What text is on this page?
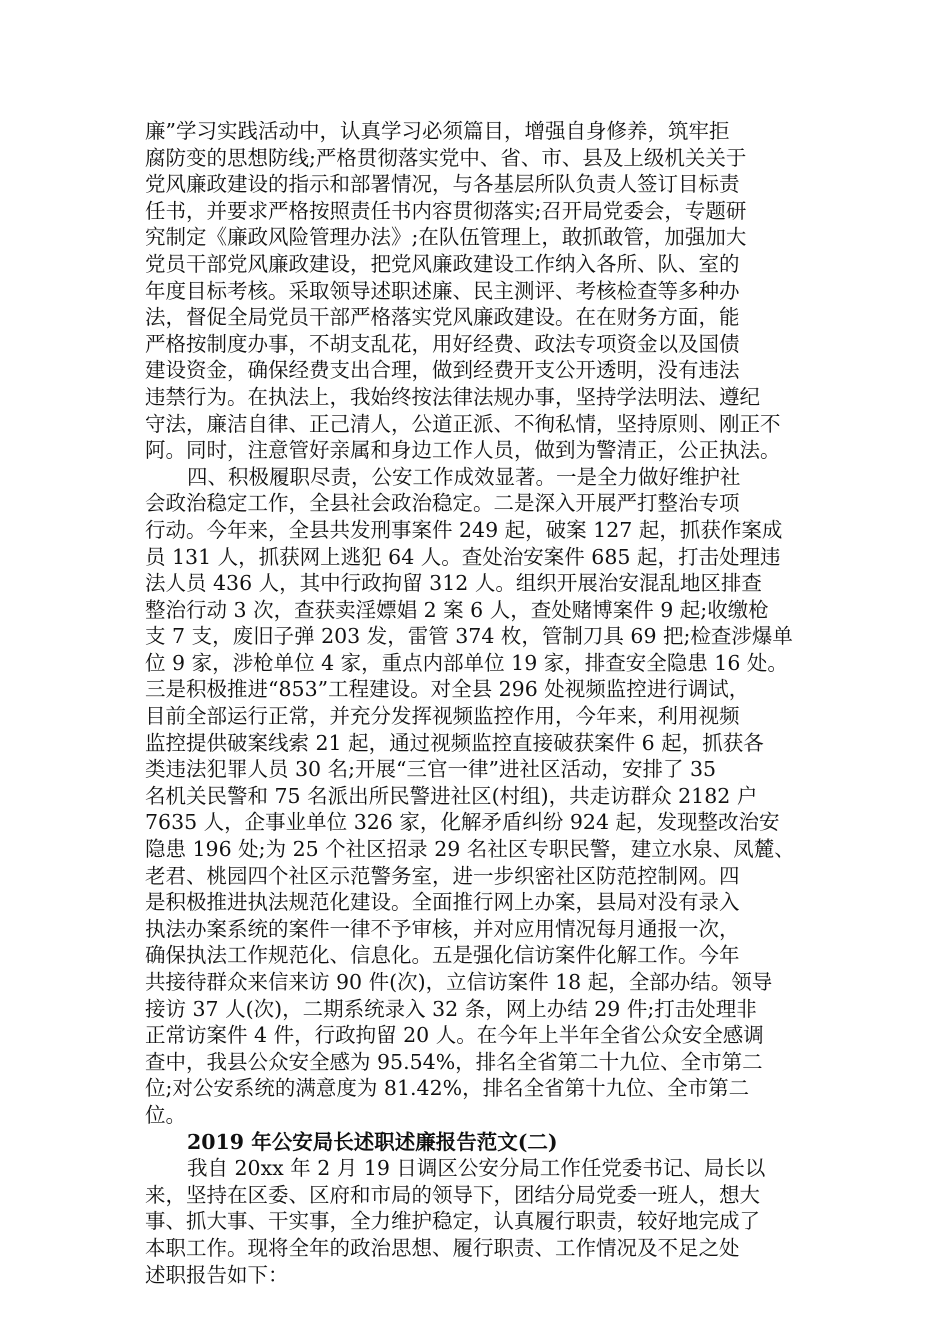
廉”学习实践活动中，认真学习必须篇目，增强自身修养，筑牢拒
腐防变的思想防线;严格贯彻落实党中、省、市、县及上级机关关于
党风廉政建设的指示和部署情况，与各基层所队负责人签订目标责
任书，并要求严格按照责任书内容贯彻落实;召开局党委会，专题研
究制定《廉政风险管理办法》;在队伍管理上，敢抓敢管，加强加大
党员干部党风廉政建设，把党风廉政建设工作纳入各所、队、室的
年度目标考核。采取领导述职述廉、民主测评、考核检查等多种办
法，督促全局党员干部严格落实党风廉政建设。在在财务方面，能
严格按制度办事，不胡支乱花，用好经费、政法专项资金以及国债
建设资金，确保经费支出合理，做到经费开支公开透明，没有违法
违禁行为。在执法上，我始终按法律法规办事，坚持学法明法、遵纪
守法，廉洁自律、正己清人，公道正派、不徇私情，坚持原则、刚正不
阿。同时，注意管好亲属和身边工作人员，做到为警清正，公正执法。
四、积极履职尽责，公安工作成效显著。一是全力做好维护社
会政治稳定工作，全县社会政治稳定。二是深入开展严打整治专项
行动。今年来，全县共发刑事案件 249 起，破案 127 起，抓获作案成
员 131 人，抓获网上逃犯 64 人。查处治安案件 685 起，打击处理违
法人员 436 人，其中行政拘留 312 人。组织开展治安混乱地区排查
整治行动 3 次，查获卖淫嫖娼 2 案 6 人，查处赌博案件 9 起;收缴枪
支 7 支，废旧子弹 203 发，雷管 374 枚，管制刀具 69 把;检查涉爆单
位 9 家，涉枪单位 4 家，重点内部单位 19 家，排查安全隐患 16 处。
三是积极推进“853”工程建设。对全县 296 处视频监控进行调试，
目前全部运行正常，并充分发挥视频监控作用，今年来，利用视频
监控提供破案线索 21 起，通过视频监控直接破获案件 6 起，抓获各
类违法犯罪人员 30 名;开展“三官一律”进社区活动，安排了 35
名机关民警和 75 名派出所民警进社区(村组)，共走访群众 2182 户
7635 人，企事业单位 326 家，化解矛盾纠纷 924 起，发现整改治安
隐患 196 处;为 25 个社区招录 29 名社区专职民警，建立水泉、凤麓、
老君、桃园四个社区示范警务室，进一步织密社区防范控制网。四
是积极推进执法规范化建设。全面推行网上办案，县局对没有录入
执法办案系统的案件一律不予审核，并对应用情况每月通报一次，
确保执法工作规范化、信息化。五是强化信访案件化解工作。今年
共接待群众来信来访 90 件(次)，立信访案件 18 起，全部办结。领导
接访 37 人(次)，二期系统录入 32 条，网上办结 29 件;打击处理非
正常访案件 4 件，行政拘留 20 人。在今年上半年全省公众安全感调
查中，我县公众安全感为 95.54%，排名全省第二十九位、全市第二
位;对公安系统的满意度为 81.42%，排名全省第十九位、全市第二
位。
2019 年公安局长述职述廉报告范文(二)
我自 20xx 年 2 月 19 日调区公安分局工作任党委书记、局长以
来，坚持在区委、区府和市局的领导下，团结分局党委一班人，想大
事、抓大事、干实事，全力维护稳定，认真履行职责，较好地完成了
本职工作。现将全年的政治思想、履行职责、工作情况及不足之处
述职报告如下：
